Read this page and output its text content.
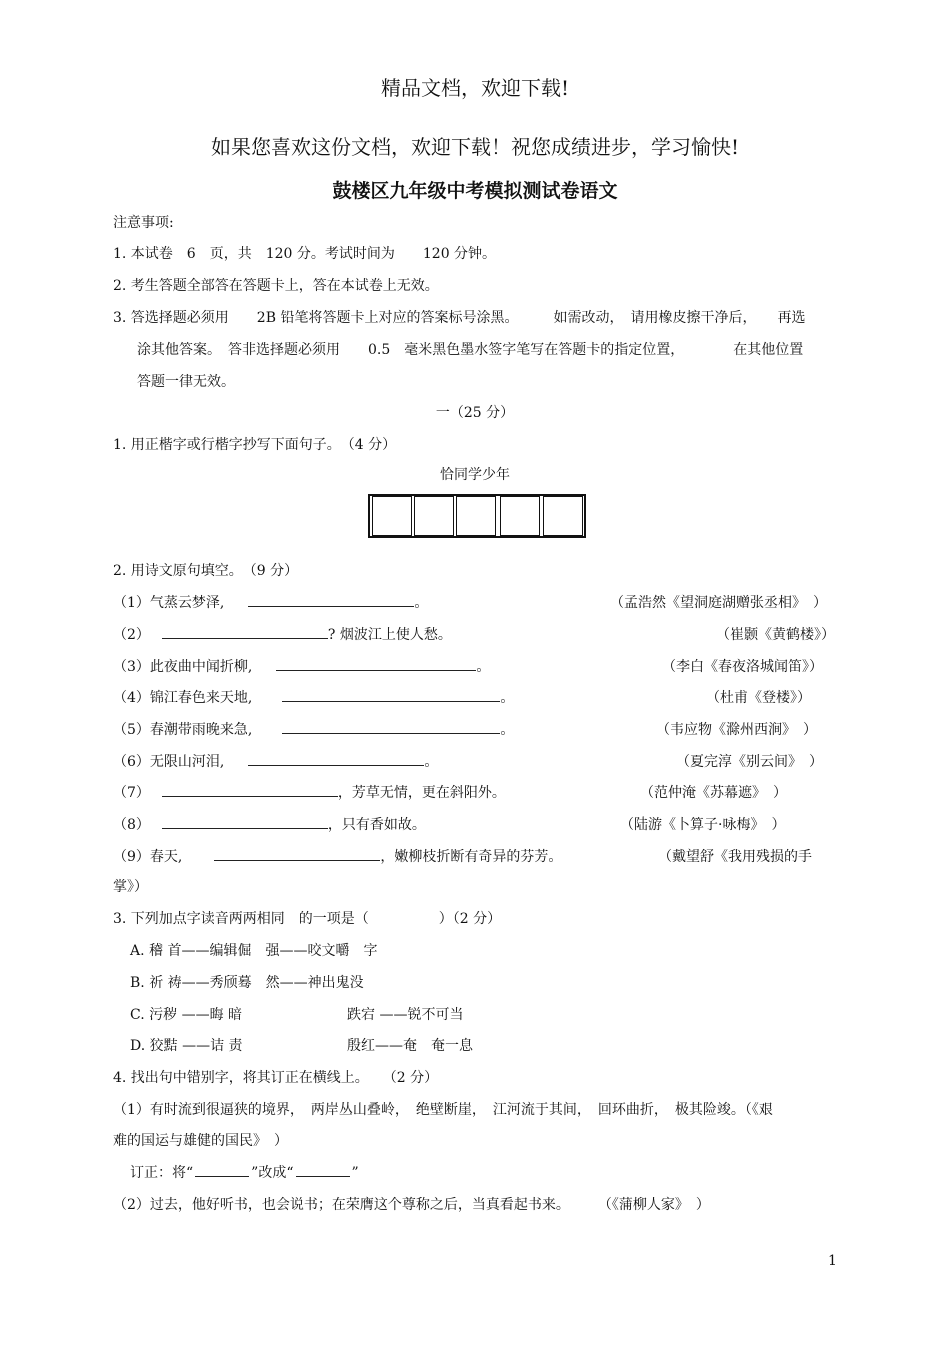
精品文档，欢迎下载!
如果您喜欢这份文档，欢迎下载！祝您成绩进步，学习愉快!
鼓楼区九年级中考模拟测试卷语文
注意事项:
1. 本试卷　6　页，共　120 分。考试时间为　　120 分钟。
2. 考生答题全部答在答题卡上，答在本试卷上无效。
3. 答选择题必须用　　2B 铅笔将答题卡上对应的答案标号涂黑。　　　如需改动，　请用橡皮擦干净后，　　再选
涂其他答案。　答非选择题必须用　　0.5　毫米黑色墨水签字笔写在答题卡的指定位置，　　　　在其他位置
答题一律无效。
一（25 分）
1. 用正楷字或行楷字抄写下面句子。　（4 分）
恰同学少年
2. 用诗文原句填空。　（9 分）
（1）气蒸云梦泽,	。	（孟浩然《望洞庭湖赠张丞相》　）
（2）	? 烟波江上使人愁。	（崔颢《黄鹤楼》）
（3）此夜曲中闻折柳,	。	（李白《春夜洛城闻笛》）
（4）锦江春色来天地,	。	（杜甫《登楼》）
（5）春潮带雨晚来急,	。	（韦应物《滁州西涧》　）
（6）无限山河泪,	。	（夏完淳《别云间》　）
（7）	，芳草无情，更在斜阳外。	（范仲淹《苏幕遮》　）
（8）	，只有香如故。	（陆游《卜算子·咏梅》　）
（9）春天,	，嫩柳枝折断有奇异的芬芳。	（戴望舒《我用残损的手
掌》）
3. 下列加点字读音两两相同　的一项是（　　　　　）（2 分）
A. 稽 首——编辑倔　强——咬文嚼　字
B. 祈 祷——秀颀蓦　然——神出鬼没
C. 污秽 ——晦 暗	跌宕 ——锐不可当
D. 狡黠 ——诘 责	殷红——奄　奄一息
4. 找出句中错别字，将其订正在横线上。　　（2 分）
（1）有时流到很逼狭的境界，　两岸丛山叠岭，　绝壁断崖，　江河流于其间，　回环曲折，　极其险竣。（《艰
难的国运与雄健的国民》　）
订正：将“	”改成“	”
（2）过去，他好听书，也会说书；在荣膺这个尊称之后，当真看起书来。　　　（《蒲柳人家》　）
1
